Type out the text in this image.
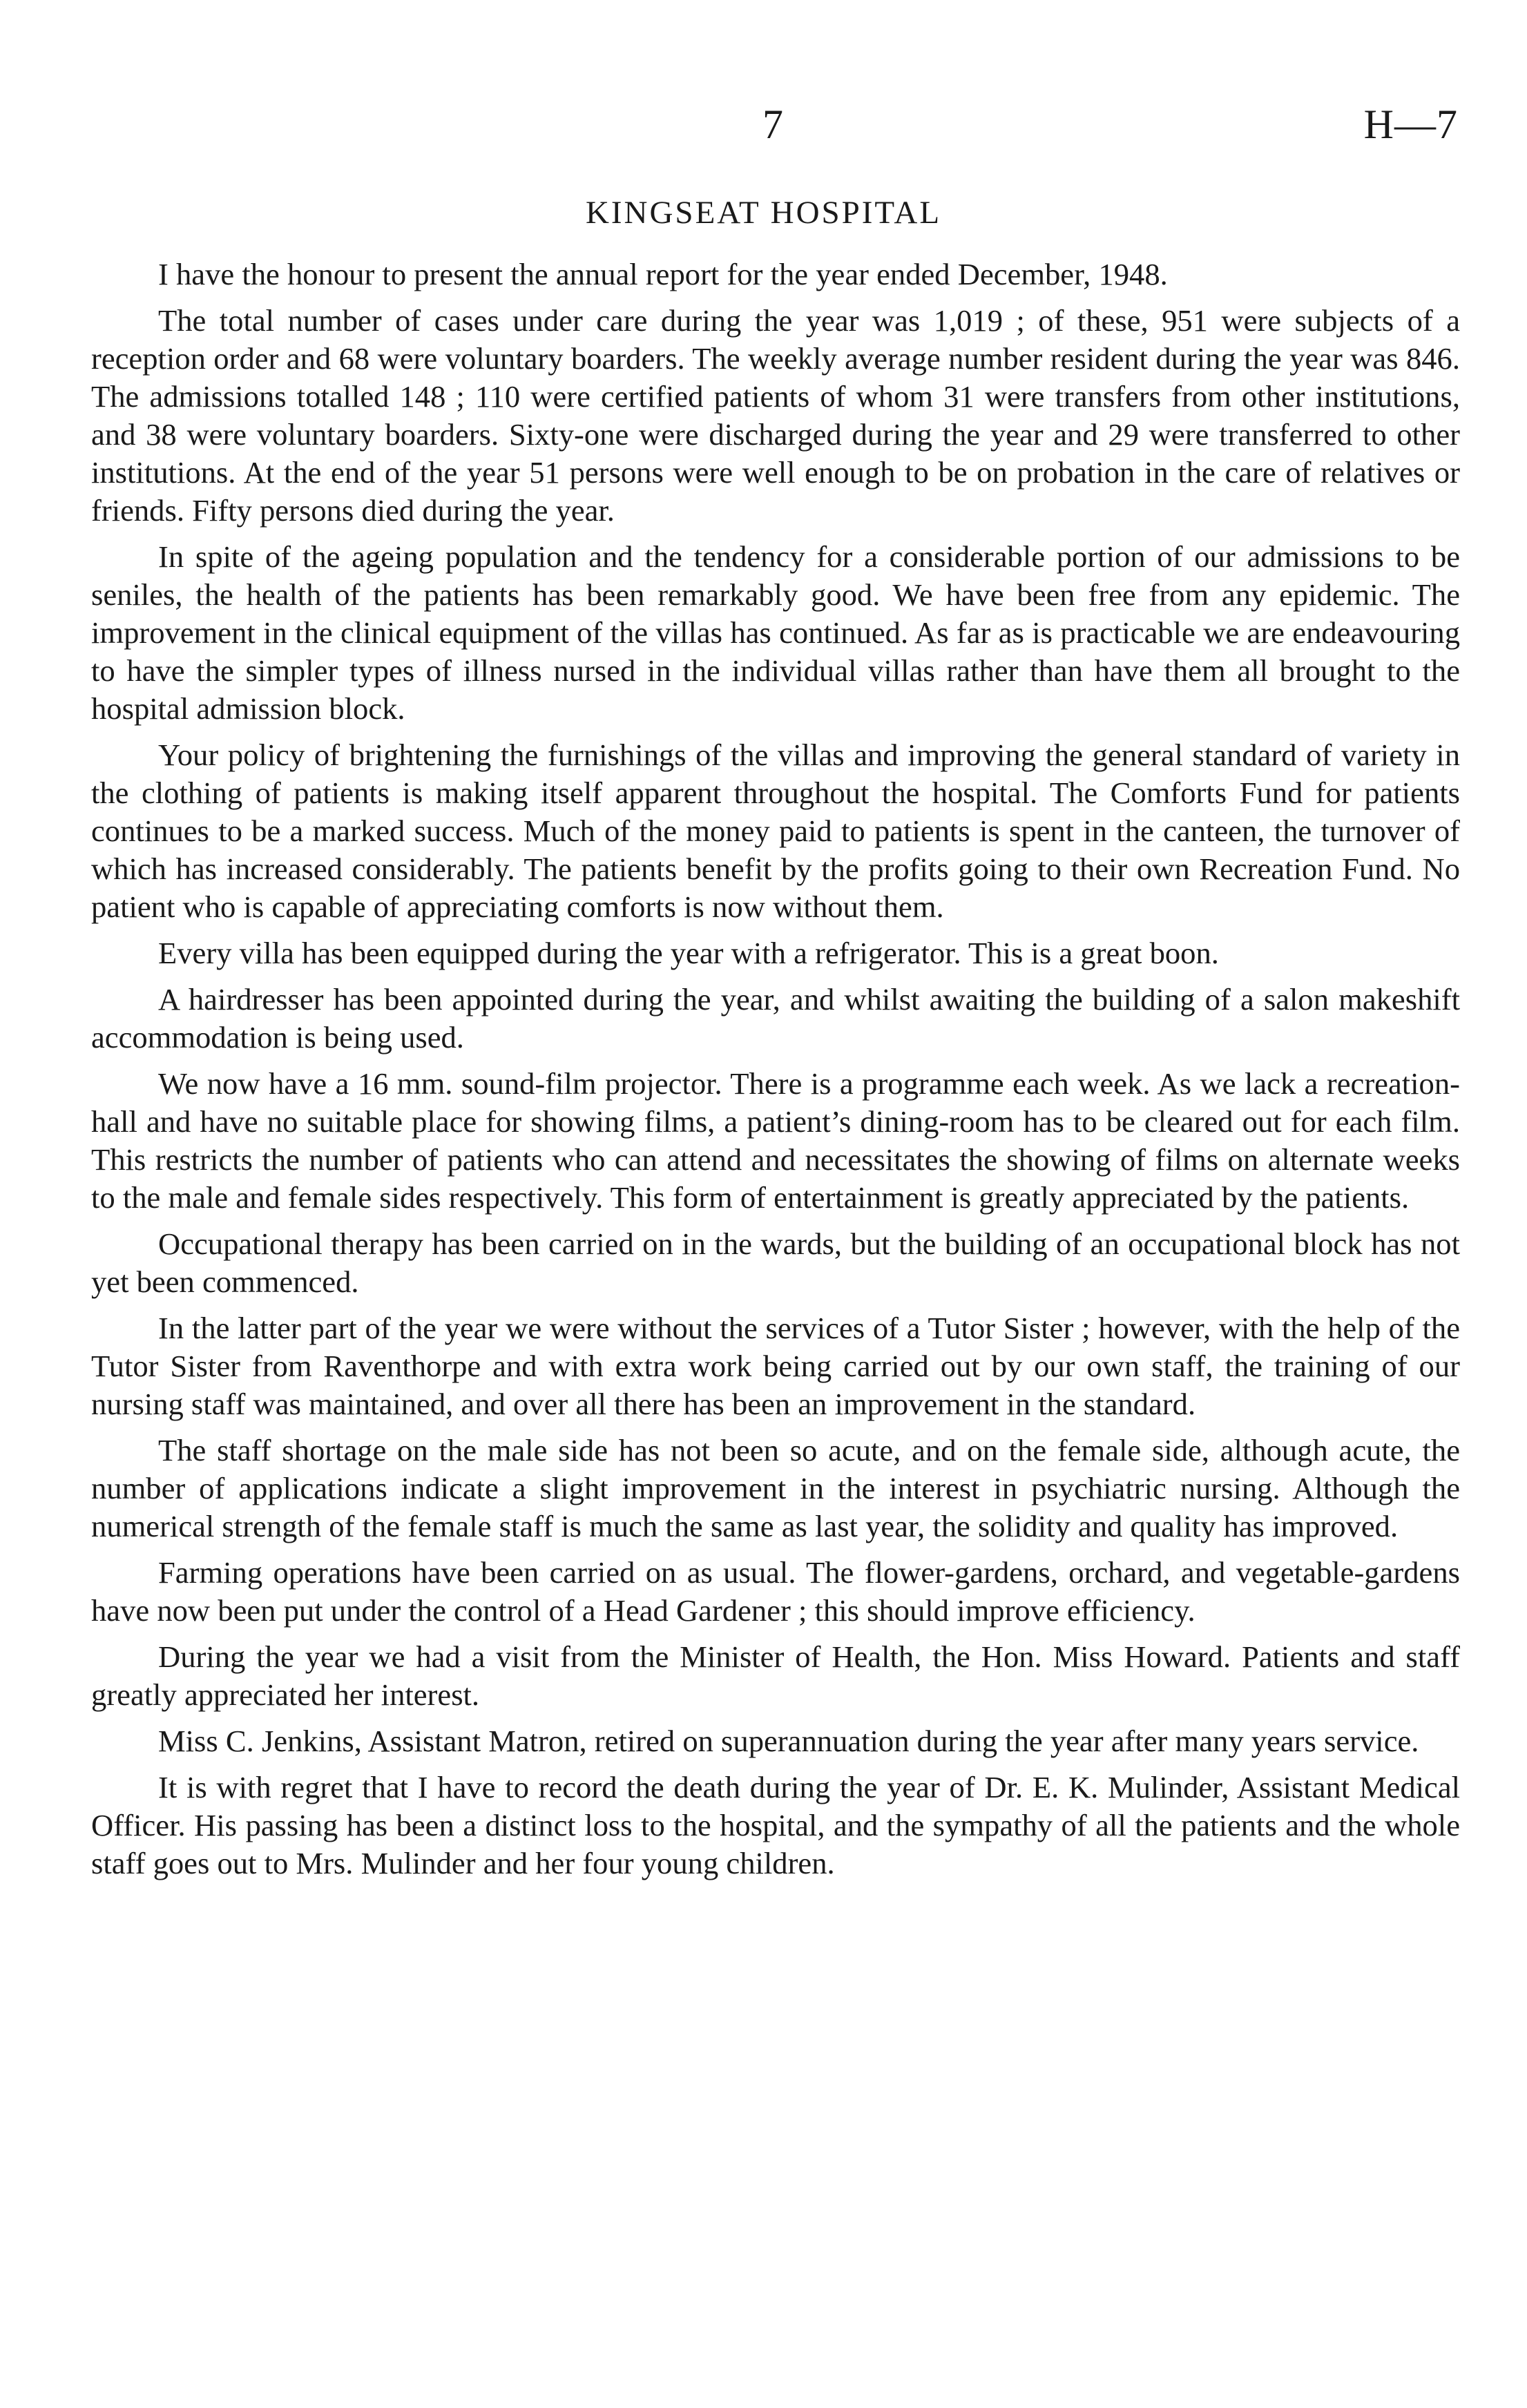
7	H—7
KINGSEAT HOSPITAL

I have the honour to present the annual report for the year ended December, 1948.

The total number of cases under care during the year was 1,019 ; of these, 951 were subjects of a reception order and 68 were voluntary boarders. The weekly average number resident during the year was 846. The admissions totalled 148 ; 110 were certified patients of whom 31 were transfers from other institutions, and 38 were voluntary boarders. Sixty-one were discharged during the year and 29 were transferred to other institutions. At the end of the year 51 persons were well enough to be on probation in the care of relatives or friends. Fifty persons died during the year.

In spite of the ageing population and the tendency for a considerable portion of our admissions to be seniles, the health of the patients has been remarkably good. We have been free from any epidemic. The improvement in the clinical equipment of the villas has continued. As far as is practicable we are endeavouring to have the simpler types of illness nursed in the individual villas rather than have them all brought to the hospital admission block.

Your policy of brightening the furnishings of the villas and improving the general standard of variety in the clothing of patients is making itself apparent throughout the hospital. The Comforts Fund for patients continues to be a marked success. Much of the money paid to patients is spent in the canteen, the turnover of which has increased considerably. The patients benefit by the profits going to their own Recreation Fund. No patient who is capable of appreciating comforts is now without them.

Every villa has been equipped during the year with a refrigerator. This is a great boon.

A hairdresser has been appointed during the year, and whilst awaiting the building of a salon makeshift accommodation is being used.

We now have a 16 mm. sound-film projector. There is a programme each week. As we lack a recreation-hall and have no suitable place for showing films, a patient’s dining-room has to be cleared out for each film. This restricts the number of patients who can attend and necessitates the showing of films on alternate weeks to the male and female sides respectively. This form of entertainment is greatly appreciated by the patients.

Occupational therapy has been carried on in the wards, but the building of an occupational block has not yet been commenced.

In the latter part of the year we were without the services of a Tutor Sister ; however, with the help of the Tutor Sister from Raventhorpe and with extra work being carried out by our own staff, the training of our nursing staff was maintained, and over all there has been an improvement in the standard.

The staff shortage on the male side has not been so acute, and on the female side, although acute, the number of applications indicate a slight improvement in the interest in psychiatric nursing. Although the numerical strength of the female staff is much the same as last year, the solidity and quality has improved.

Farming operations have been carried on as usual. The flower-gardens, orchard, and vegetable-gardens have now been put under the control of a Head Gardener ; this should improve efficiency.

During the year we had a visit from the Minister of Health, the Hon. Miss Howard. Patients and staff greatly appreciated her interest.

Miss C. Jenkins, Assistant Matron, retired on superannuation during the year after many years service.

It is with regret that I have to record the death during the year of Dr. E. K. Mulinder, Assistant Medical Officer. His passing has been a distinct loss to the hospital, and the sympathy of all the patients and the whole staff goes out to Mrs. Mulinder and her four young children.
